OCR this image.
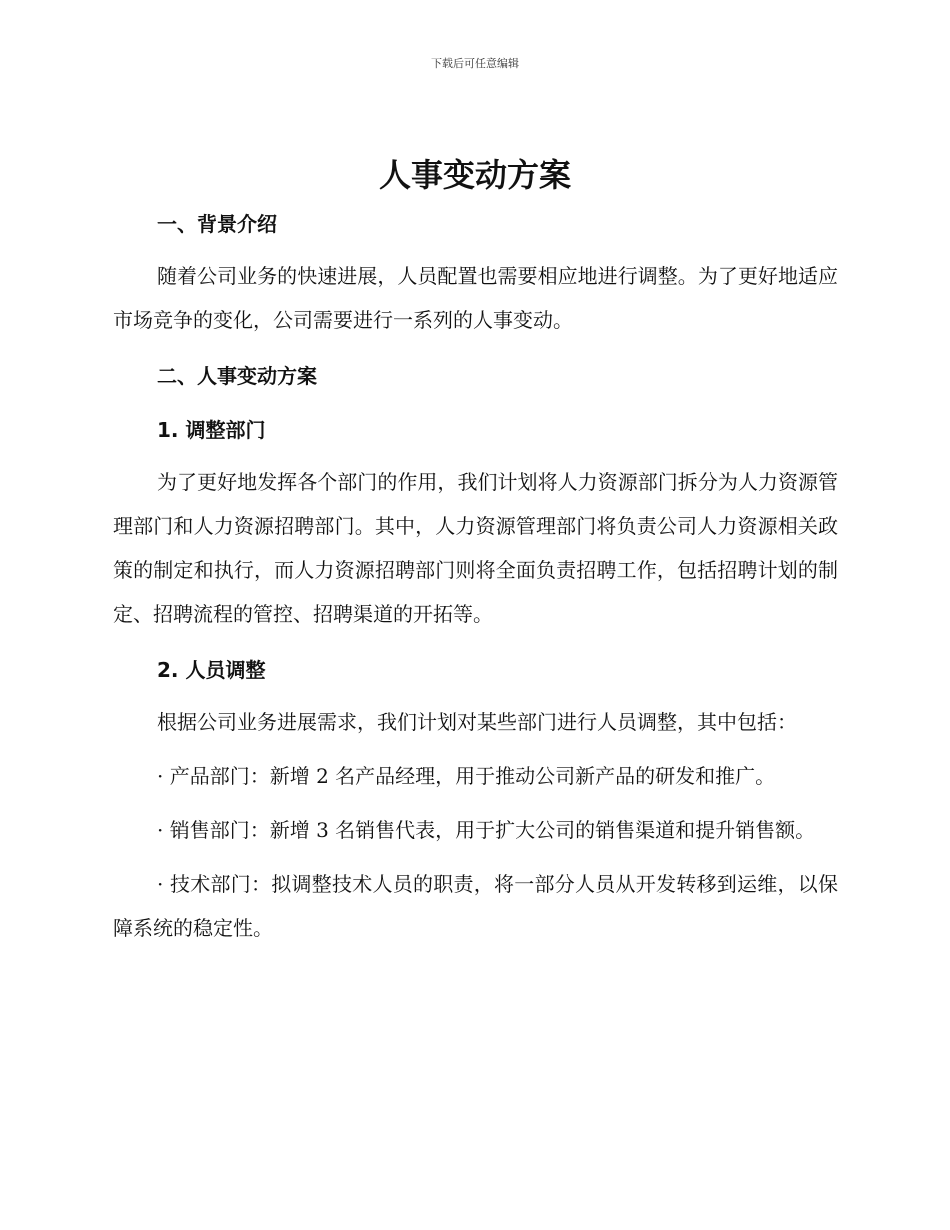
下载后可任意编辑
人事变动方案

一、背景介绍

随着公司业务的快速进展，人员配置也需要相应地进行调整。为了更好地适应市场竞争的变化，公司需要进行一系列的人事变动。

二、人事变动方案

1. 调整部门

为了更好地发挥各个部门的作用，我们计划将人力资源部门拆分为人力资源管理部门和人力资源招聘部门。其中，人力资源管理部门将负责公司人力资源相关政策的制定和执行，而人力资源招聘部门则将全面负责招聘工作，包括招聘计划的制定、招聘流程的管控、招聘渠道的开拓等。

2. 人员调整

根据公司业务进展需求，我们计划对某些部门进行人员调整，其中包括：

· 产品部门：新增 2 名产品经理，用于推动公司新产品的研发和推广。

· 销售部门：新增 3 名销售代表，用于扩大公司的销售渠道和提升销售额。

· 技术部门：拟调整技术人员的职责，将一部分人员从开发转移到运维，以保障系统的稳定性。
